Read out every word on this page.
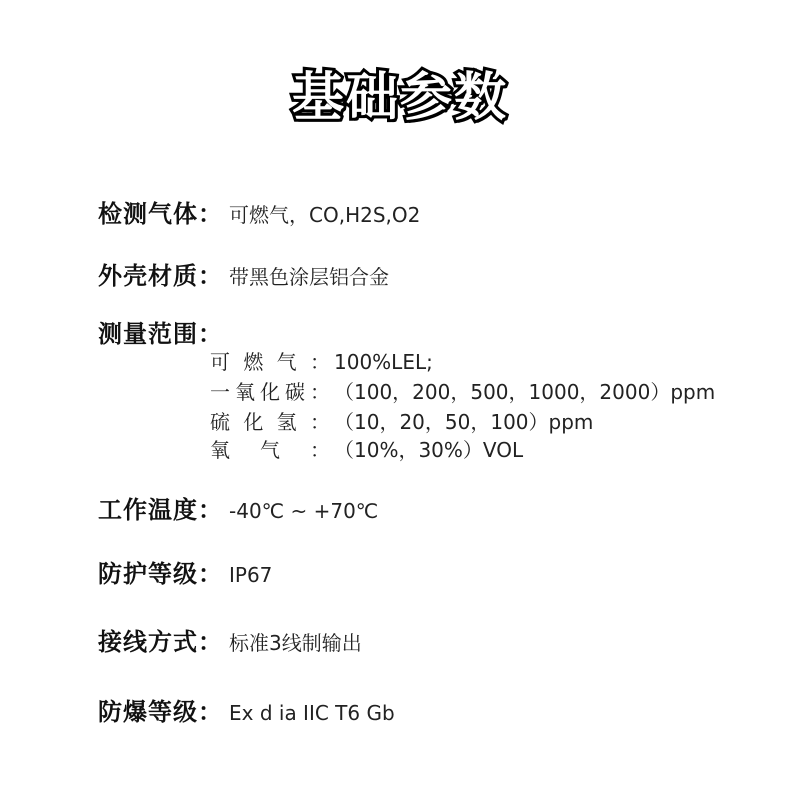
基础参数
检测气体： 可燃气，CO,H2S,O2
外壳材质： 带黑色涂层铝合金
测量范围：
可燃气： 100%LEL;
一氧化碳： （100，200，500，1000，2000）ppm
硫化氢： （10，20，50，100）ppm
氧气： （10%，30%）VOL
工作温度： -40℃ ~ +70℃
防护等级： IP67
接线方式： 标准3线制输出
防爆等级： Ex d ia IIC T6 Gb
